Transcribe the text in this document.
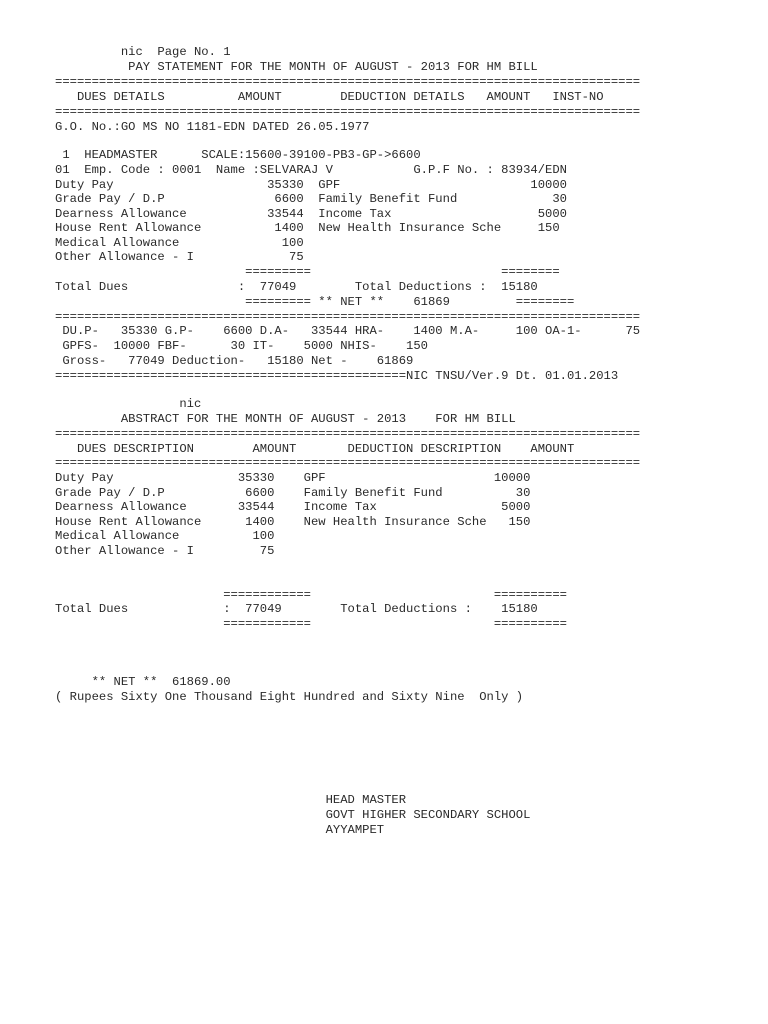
nic  Page No. 1
PAY STATEMENT FOR THE MONTH OF AUGUST - 2013 FOR HM BILL
================================================================================
DUES DETAILS          AMOUNT        DEDUCTION DETAILS   AMOUNT   INST-NO
================================================================================
G.O. No.:GO MS NO 1181-EDN DATED 26.05.1977
1  HEADMASTER      SCALE:15600-39100-PB3-GP->6600
01  Emp. Code : 0001  Name :SELVARAJ V           G.P.F No. : 83934/EDN
Duty Pay                     35330  GPF                          10000
Grade Pay / D.P               6600  Family Benefit Fund             30
Dearness Allowance           33544  Income Tax                    5000
House Rent Allowance          1400  New Health Insurance Sche     150
Medical Allowance              100
Other Allowance - I             75
=========                          ========
Total Dues               :  77049        Total Deductions :  15180
========= ** NET **    61869         ========
================================================================================
DU.P-   35330 G.P-    6600 D.A-   33544 HRA-    1400 M.A-     100 OA-1-      75
GPFS-  10000 FBF-      30 IT-    5000 NHIS-    150
Gross-   77049 Deduction-   15180 Net -    61869
================================================NIC TNSU/Ver.9 Dt. 01.01.2013
nic
ABSTRACT FOR THE MONTH OF AUGUST - 2013    FOR HM BILL
================================================================================
DUES DESCRIPTION        AMOUNT       DEDUCTION DESCRIPTION    AMOUNT
================================================================================
Duty Pay                 35330    GPF                       10000
Grade Pay / D.P           6600    Family Benefit Fund          30
Dearness Allowance       33544    Income Tax                 5000
House Rent Allowance      1400    New Health Insurance Sche   150
Medical Allowance          100
Other Allowance - I         75
============                         ==========
Total Dues             :  77049        Total Deductions :    15180
============                         ==========
** NET **  61869.00
( Rupees Sixty One Thousand Eight Hundred and Sixty Nine  Only )
HEAD MASTER
GOVT HIGHER SECONDARY SCHOOL
AYYAMPET
